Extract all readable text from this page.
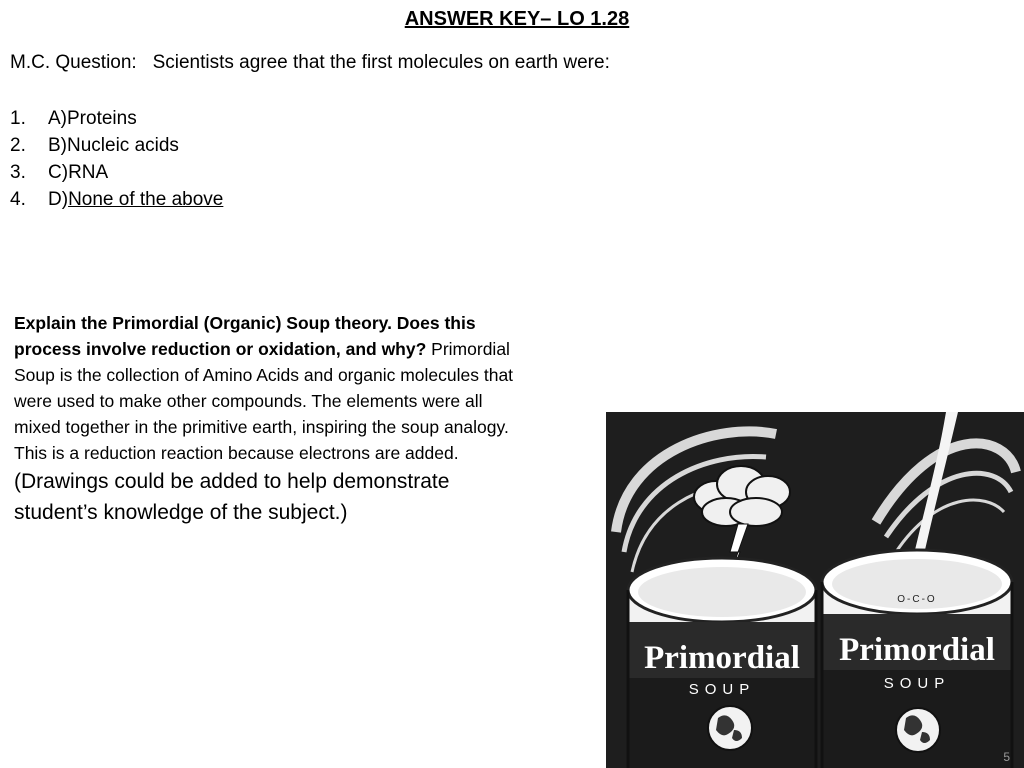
ANSWER KEY– LO 1.28

M.C. Question: Scientists agree that the first molecules on earth were:

1.	A) Proteins
2.	B) Nucleic acids
3.	C) RNA
4.	D) None of the above

Explain the Primordial (Organic) Soup theory. Does this process involve reduction or oxidation, and why? Primordial Soup is the collection of Amino Acids and organic molecules that were used to make other compounds. The elements were all mixed together in the primitive earth, inspiring the soup analogy. This is a reduction reaction because electrons are added.
(Drawings could be added to help demonstrate student’s knowledge of the subject.)

Primordial
SOUP
O-C-O
Primordial
SOUP
5
